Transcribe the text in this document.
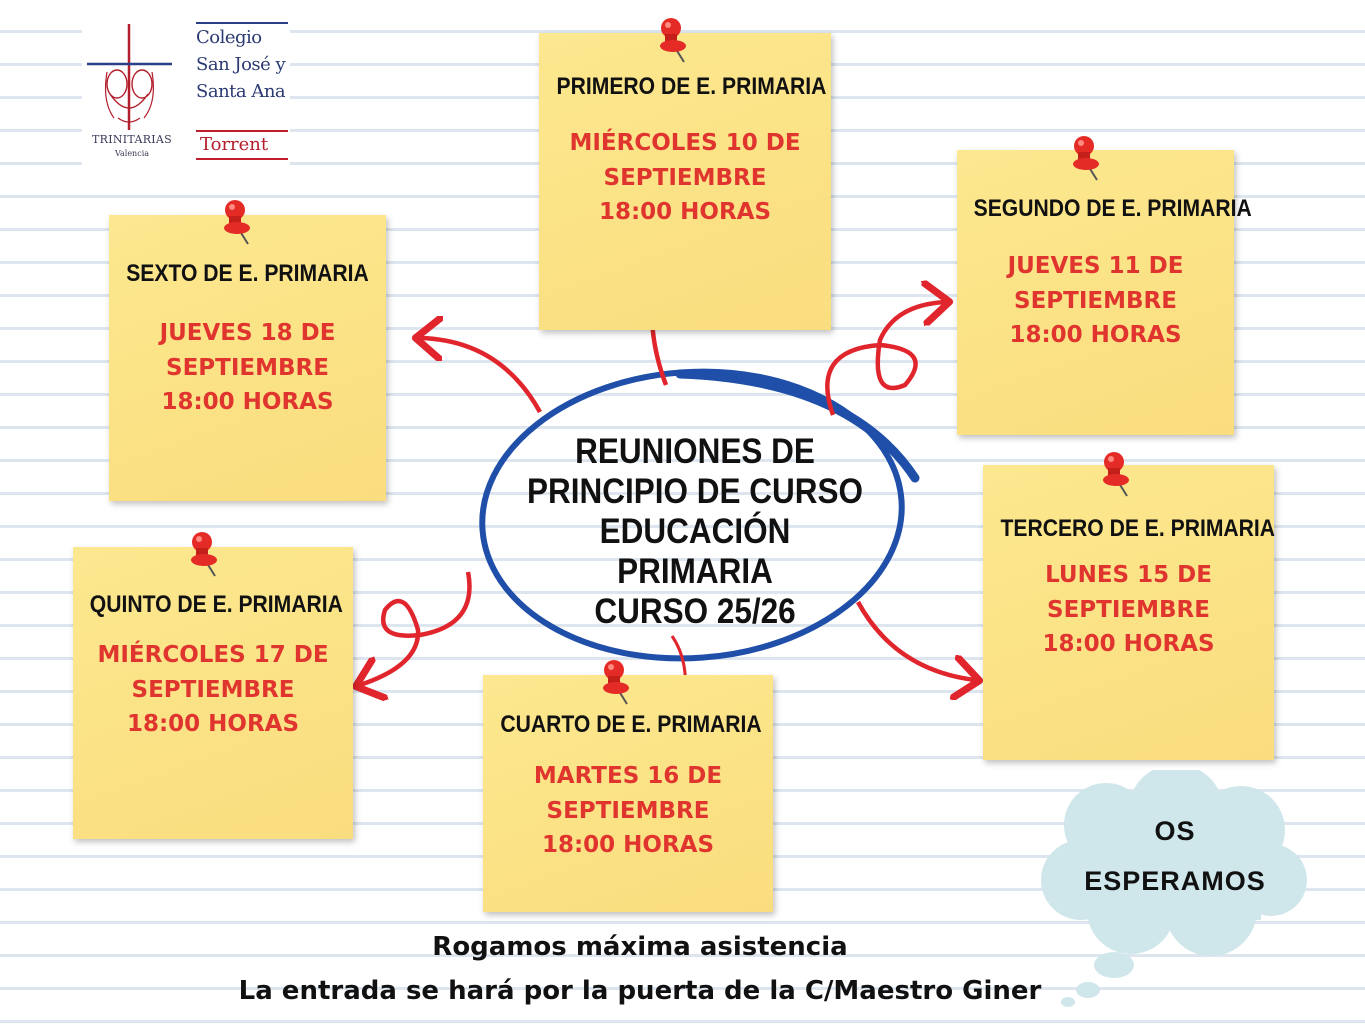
TRINITARIAS
Valencia
Colegio
San José y
Santa Ana
Torrent
PRIMERO DE E. PRIMARIA
MIÉRCOLES 10 DE
SEPTIEMBRE
18:00 HORAS	SEGUNDO DE E. PRIMARIA
JUEVES 11 DE
SEPTIEMBRE
18:00 HORAS
TERCERO DE E. PRIMARIA
LUNES 15 DE
SEPTIEMBRE
18:00 HORAS
CUARTO DE E. PRIMARIA
MARTES 16 DE
SEPTIEMBRE
18:00 HORAS
QUINTO DE E. PRIMARIA
MIÉRCOLES 17 DE
SEPTIEMBRE
18:00 HORAS
SEXTO DE E. PRIMARIA
JUEVES 18 DE
SEPTIEMBRE
18:00 HORAS
REUNIONES DE
PRINCIPIO DE CURSO
EDUCACIÓN PRIMARIA
CURSO 25/26
OS
ESPERAMOS
Rogamos máxima asistencia
La entrada se hará por la puerta de la C/Maestro Giner
